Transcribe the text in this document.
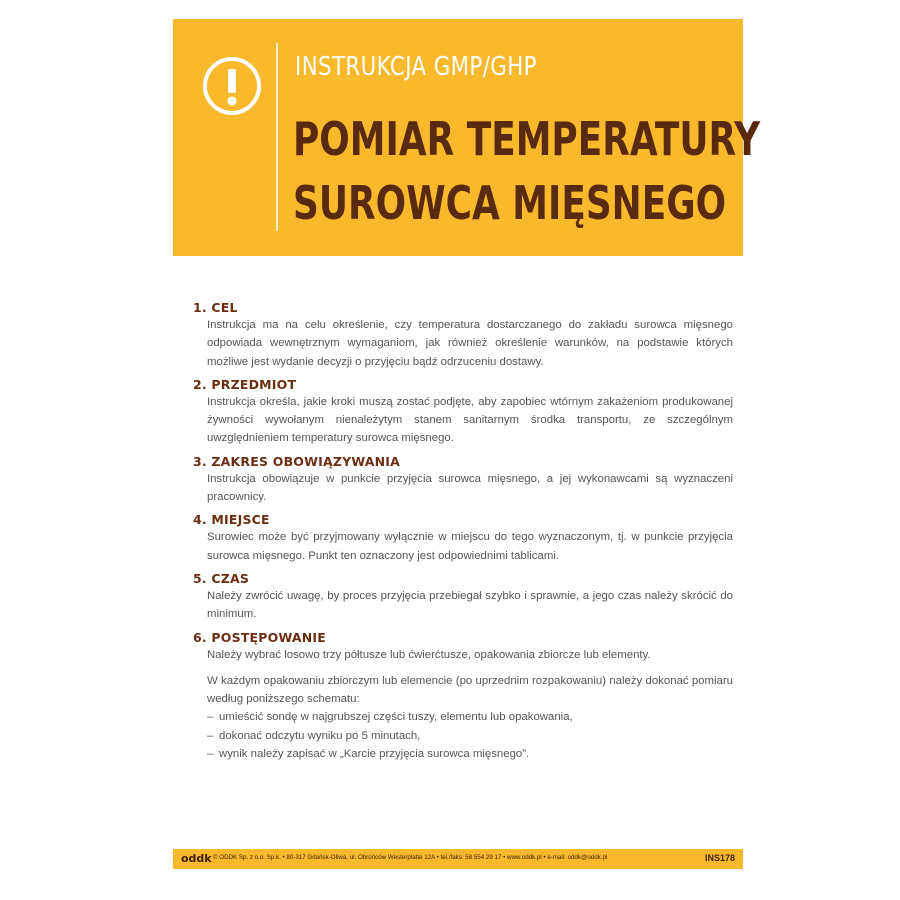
INSTRUKCJA GMP/GHP
POMIAR TEMPERATURY
SUROWCA MIĘSNEGO
1. CEL
Instrukcja ma na celu określenie, czy temperatura dostarczanego do zakładu surowca mięsnego odpowiada wewnętrznym wymaganiom, jak również określenie warunków, na podstawie których możliwe jest wydanie decyzji o przyjęciu bądź odrzuceniu dostawy.
2. PRZEDMIOT
Instrukcja określa, jakie kroki muszą zostać podjęte, aby zapobiec wtórnym zakażeniom produkowanej żywności wywołanym nienależytym stanem sanitarnym środka transportu, ze szczególnym uwzględnieniem temperatury surowca mięsnego.
3. ZAKRES OBOWIĄZYWANIA
Instrukcja obowiązuje w punkcie przyjęcia surowca mięsnego, a jej wykonawcami są wyznaczeni pracownicy.
4. MIEJSCE
Surowiec może być przyjmowany wyłącznie w miejscu do tego wyznaczonym, tj. w punkcie przyjęcia surowca mięsnego. Punkt ten oznaczony jest odpowiednimi tablicami.
5. CZAS
Należy zwrócić uwagę, by proces przyjęcia przebiegał szybko i sprawnie, a jego czas należy skrócić do minimum.
6. POSTĘPOWANIE
Należy wybrać losowo trzy półtusze lub ćwierćtusze, opakowania zbiorcze lub elementy.
W każdym opakowaniu zbiorczym lub elemencie (po uprzednim rozpakowaniu) należy dokonać pomiaru według poniższego schematu:
– umieścić sondę w najgrubszej części tuszy, elementu lub opakowania,
– dokonać odczytu wyniku po 5 minutach,
– wynik należy zapisać w „Karcie przyjęcia surowca mięsnego”.
oddk © ODDK Sp. z o.o. Sp.k. • 80-317 Gdańsk-Oliwa, ul. Obrońców Westerplatte 12A • tel./faks: 58 554 29 17 • www.oddk.pl • e-mail: oddk@oddk.pl	INS178
